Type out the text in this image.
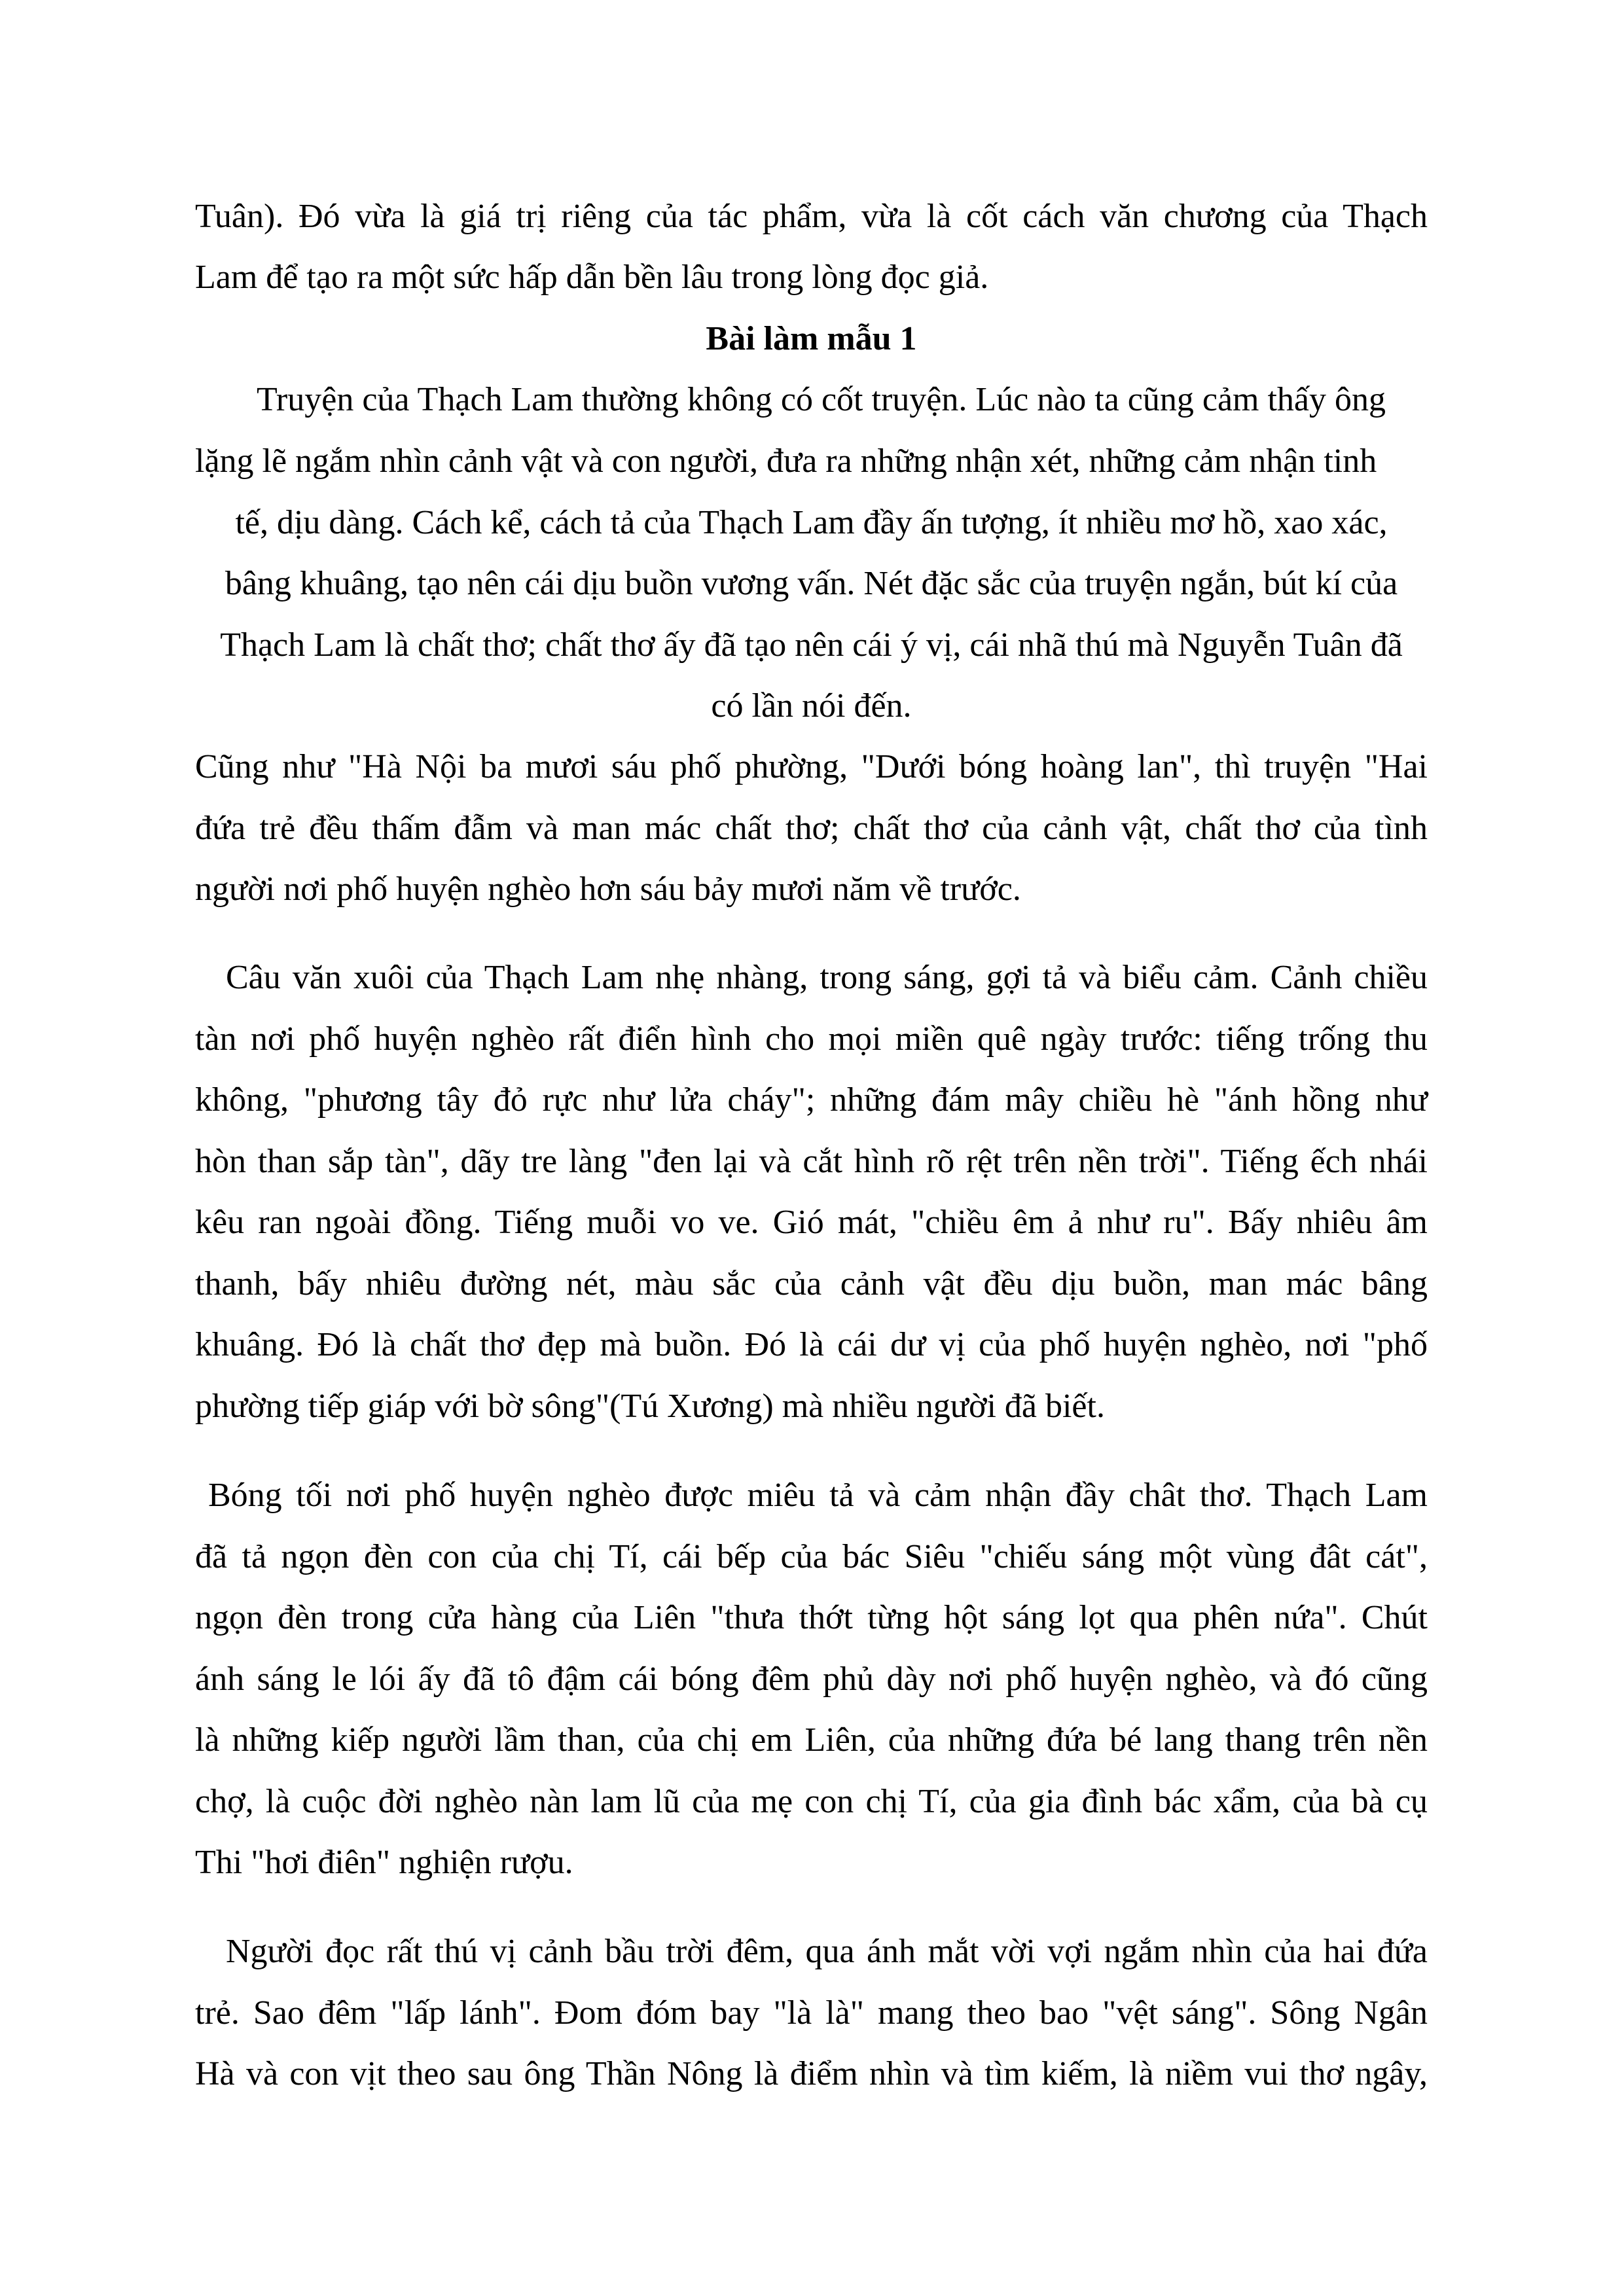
Tuân). Đó vừa là giá trị riêng của tác phẩm, vừa là cốt cách văn chương của Thạch
Lam để tạo ra một sức hấp dẫn bền lâu trong lòng đọc giả.
Bài làm mẫu 1
Truyện của Thạch Lam thường không có cốt truyện. Lúc nào ta cũng cảm thấy ông
lặng lẽ ngắm nhìn cảnh vật và con người, đưa ra những nhận xét, những cảm nhận tinh
tế, dịu dàng. Cách kể, cách tả của Thạch Lam đầy ấn tượng, ít nhiều mơ hồ, xao xác,
bâng khuâng, tạo nên cái dịu buồn vương vấn. Nét đặc sắc của truyện ngắn, bút kí của
Thạch Lam là chất thơ; chất thơ ấy đã tạo nên cái ý vị, cái nhã thú mà Nguyễn Tuân đã
có lần nói đến.
Cũng như "Hà Nội ba mươi sáu phố phường, "Dưới bóng hoàng lan", thì truyện "Hai
đứa trẻ đều thấm đẫm và man mác chất thơ; chất thơ của cảnh vật, chất thơ của tình
người nơi phố huyện nghèo hơn sáu bảy mươi năm về trước.
Câu văn xuôi của Thạch Lam nhẹ nhàng, trong sáng, gợi tả và biểu cảm. Cảnh chiều
tàn nơi phố huyện nghèo rất điển hình cho mọi miền quê ngày trước: tiếng trống thu
không, "phương tây đỏ rực như lửa cháy"; những đám mây chiều hè "ánh hồng như
hòn than sắp tàn", dãy tre làng "đen lại và cắt hình rõ rệt trên nền trời". Tiếng ếch nhái
kêu ran ngoài đồng. Tiếng muỗi vo ve. Gió mát, "chiều êm ả như ru". Bấy nhiêu âm
thanh, bấy nhiêu đường nét, màu sắc của cảnh vật đều dịu buồn, man mác bâng
khuâng. Đó là chất thơ đẹp mà buồn. Đó là cái dư vị của phố huyện nghèo, nơi "phố
phường tiếp giáp với bờ sông"(Tú Xương) mà nhiều người đã biết.
Bóng tối nơi phố huyện nghèo được miêu tả và cảm nhận đầy chât thơ. Thạch Lam
đã tả ngọn đèn con của chị Tí, cái bếp của bác Siêu "chiếu sáng một vùng đât cát",
ngọn đèn trong cửa hàng của Liên "thưa thớt từng hột sáng lọt qua phên nứa". Chút
ánh sáng le lói ấy đã tô đậm cái bóng đêm phủ dày nơi phố huyện nghèo, và đó cũng
là những kiếp người lầm than, của chị em Liên, của những đứa bé lang thang trên nền
chợ, là cuộc đời nghèo nàn lam lũ của mẹ con chị Tí, của gia đình bác xẩm, của bà cụ
Thi "hơi điên" nghiện rượu.
Người đọc rất thú vị cảnh bầu trời đêm, qua ánh mắt vời vợi ngắm nhìn của hai đứa
trẻ. Sao đêm "lấp lánh". Đom đóm bay "là là" mang theo bao "vệt sáng". Sông Ngân
Hà và con vịt theo sau ông Thần Nông là điểm nhìn và tìm kiếm, là niềm vui thơ ngây,
